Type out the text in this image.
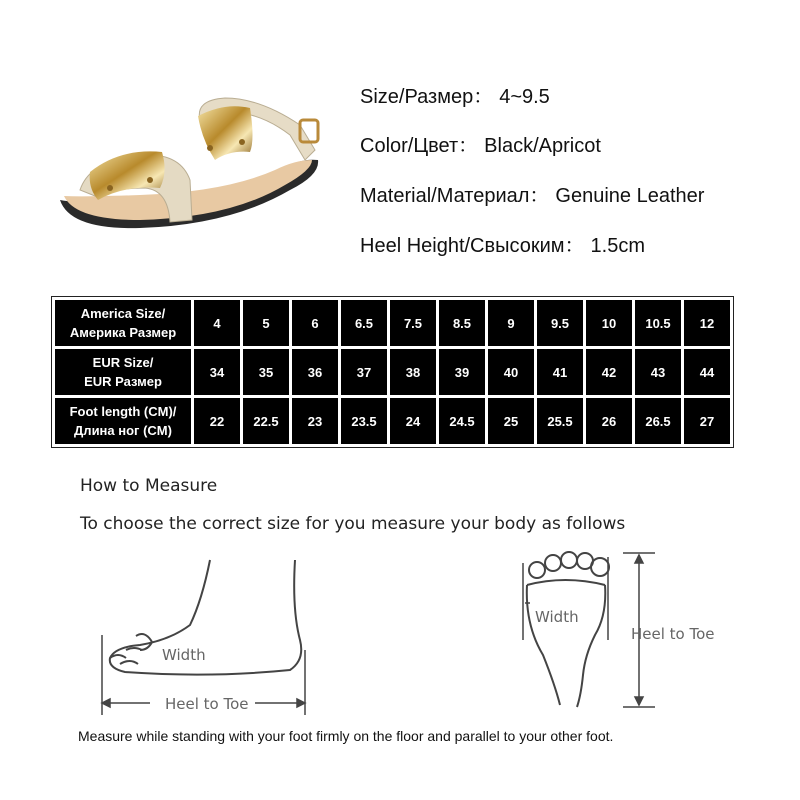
Size/Размер： 4~9.5
Color/Цвет： Black/Apricot
Material/Материал： Genuine Leather
Heel Height/Свысоким： 1.5cm
America Size/
Америка Размер	4	5	6	6.5	7.5	8.5	9	9.5	10	10.5	12

EUR Size/
EUR Размер	34	35	36	37	38	39	40	41	42	43	44

Foot length (CM)/
Длина ног (CM)	22	22.5	23	23.5	24	24.5	25	25.5	26	26.5	27
How to Measure
To choose the correct size for you measure your body as follows
Width
Heel to Toe
Width
Heel to Toe
Measure while standing with your foot firmly on the floor and parallel to your other foot.
